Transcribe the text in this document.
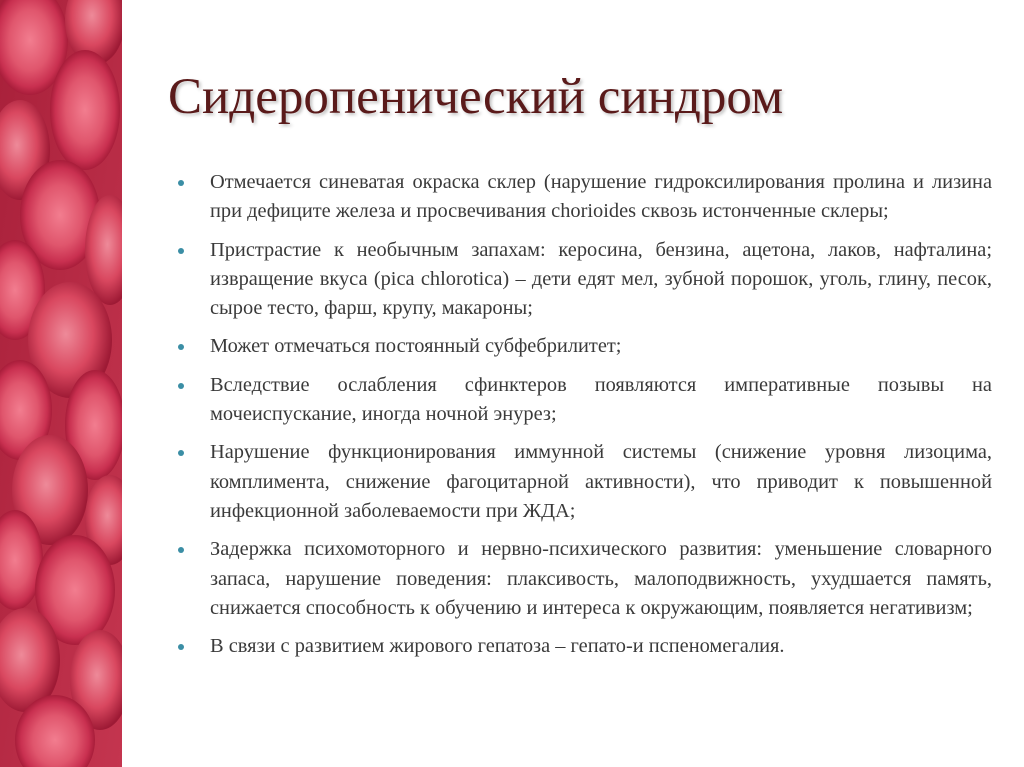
Сидеропенический синдром
Отмечается синеватая окраска склер (нарушение гидроксилирования пролина и лизина при дефиците железа и просвечивания chorioides сквозь истонченные склеры;
Пристрастие к необычным запахам: керосина, бензина, ацетона, лаков, нафталина; извращение вкуса (pica chlorotica) – дети едят мел, зубной порошок, уголь, глину, песок, сырое тесто, фарш, крупу, макароны;
Может отмечаться постоянный субфебрилитет;
Вследствие ослабления сфинктеров появляются императивные позывы на мочеиспускание, иногда ночной энурез;
Нарушение функционирования иммунной системы (снижение уровня лизоцима, комплимента, снижение фагоцитарной активности), что приводит к повышенной инфекционной заболеваемости при ЖДА;
Задержка психомоторного и нервно-психического развития: уменьшение словарного запаса, нарушение поведения: плаксивость, малоподвижность, ухудшается память, снижается способность к обучению и интереса к окружающим, появляется негативизм;
В связи с развитием жирового гепатоза – гепато-и пспеномегалия.
